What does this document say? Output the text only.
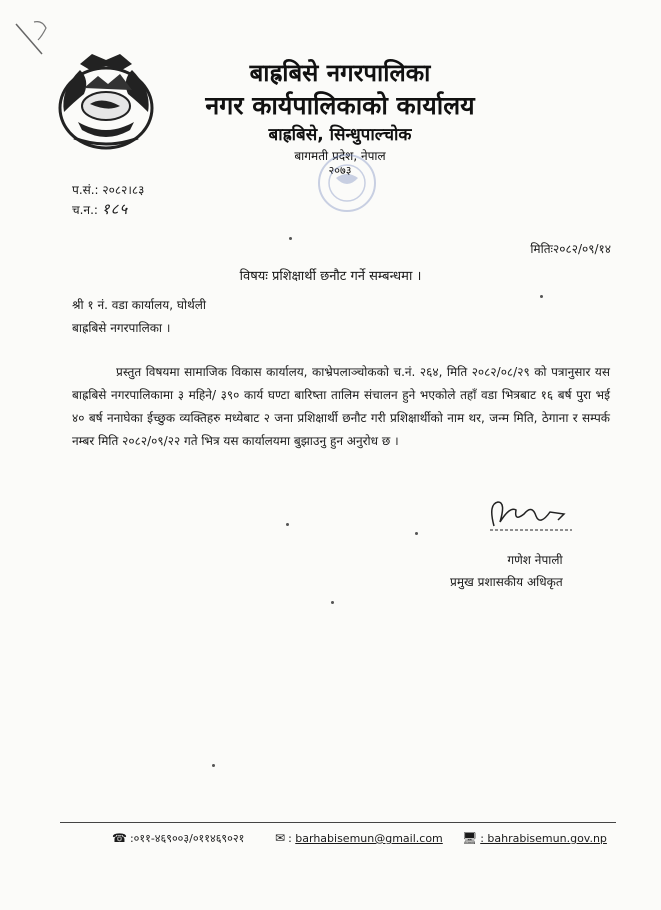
बाह्रबिसे नगरपालिका
नगर कार्यपालिकाको कार्यालय
बाह्रबिसे, सिन्धुपाल्चोक
बागमती प्रदेश, नेपाल
२०७३
प.सं.: २०८२।८३
च.न.: १८५
मितिः२०८२/०९/१४
विषयः प्रशिक्षार्थी छनौट गर्ने सम्बन्धमा ।
श्री १ नं. वडा कार्यालय, घोर्थली
बाह्रबिसे नगरपालिका ।
प्रस्तुत विषयमा सामाजिक विकास कार्यालय, काभ्रेपलाञ्चोकको च.नं. २६४, मिति २०८२/०८/२९ को पत्रानुसार यस बाह्रबिसे नगरपालिकामा ३ महिने/ ३९० कार्य घण्टा बारिष्ता तालिम संचालन हुने भएकोले तहाँ वडा भित्रबाट १६ बर्ष पुरा भई ४० बर्ष ननाघेका ईच्छुक व्यक्तिहरु मध्येबाट २ जना प्रशिक्षार्थी छनौट गरी प्रशिक्षार्थीको नाम थर, जन्म मिति, ठेगाना र सम्पर्क नम्बर मिति २०८२/०९/२२ गते भित्र यस कार्यालयमा बुझाउनु हुन अनुरोध छ ।
गणेश नेपाली
प्रमुख प्रशासकीय अधिकृत
☎ :०११-४६९००३/०११४६९०२१	✉ : barhabisemun@gmail.com 🖥 : bahrabisemun.gov.np
